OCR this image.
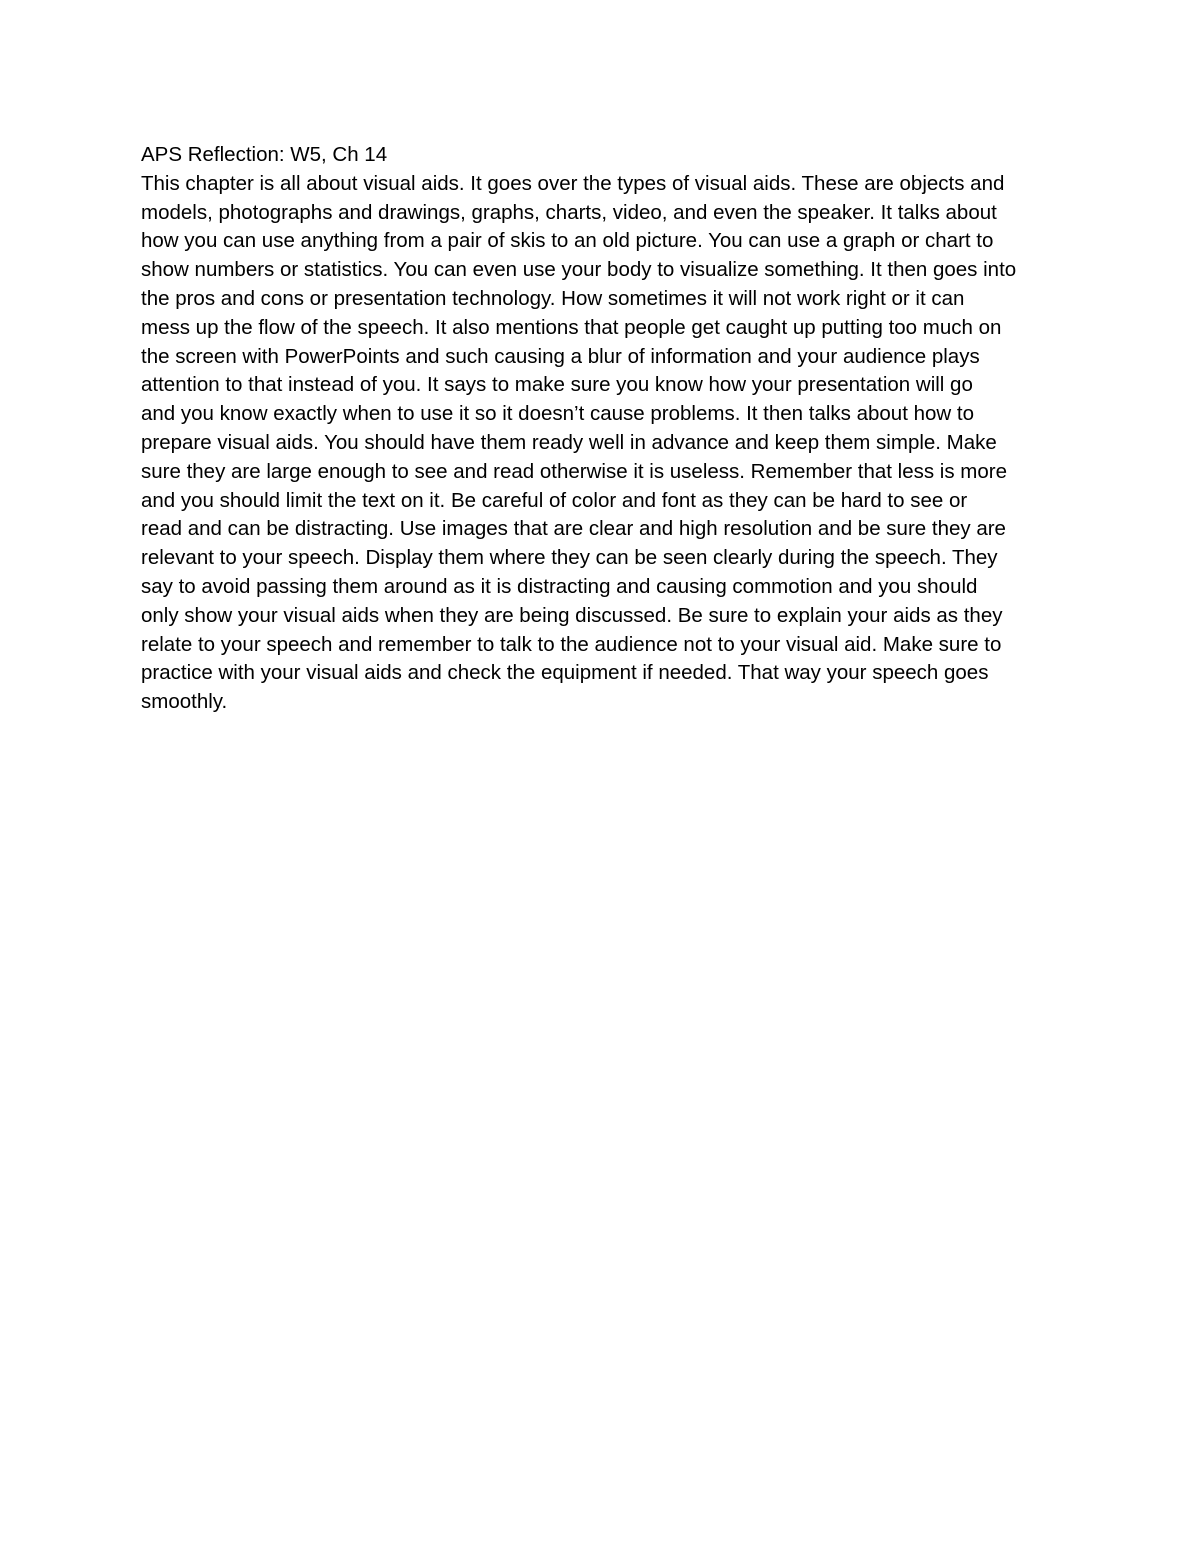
APS Reflection: W5, Ch 14

This chapter is all about visual aids. It goes over the types of visual aids. These are objects and
models, photographs and drawings, graphs, charts, video, and even the speaker. It talks about
how you can use anything from a pair of skis to an old picture. You can use a graph or chart to
show numbers or statistics. You can even use your body to visualize something. It then goes into
the pros and cons or presentation technology. How sometimes it will not work right or it can
mess up the flow of the speech. It also mentions that people get caught up putting too much on
the screen with PowerPoints and such causing a blur of information and your audience plays
attention to that instead of you. It says to make sure you know how your presentation will go
and you know exactly when to use it so it doesn’t cause problems. It then talks about how to
prepare visual aids. You should have them ready well in advance and keep them simple. Make
sure they are large enough to see and read otherwise it is useless. Remember that less is more
and you should limit the text on it. Be careful of color and font as they can be hard to see or
read and can be distracting. Use images that are clear and high resolution and be sure they are
relevant to your speech. Display them where they can be seen clearly during the speech. They
say to avoid passing them around as it is distracting and causing commotion and you should
only show your visual aids when they are being discussed. Be sure to explain your aids as they
relate to your speech and remember to talk to the audience not to your visual aid. Make sure to
practice with your visual aids and check the equipment if needed. That way your speech goes
smoothly.
